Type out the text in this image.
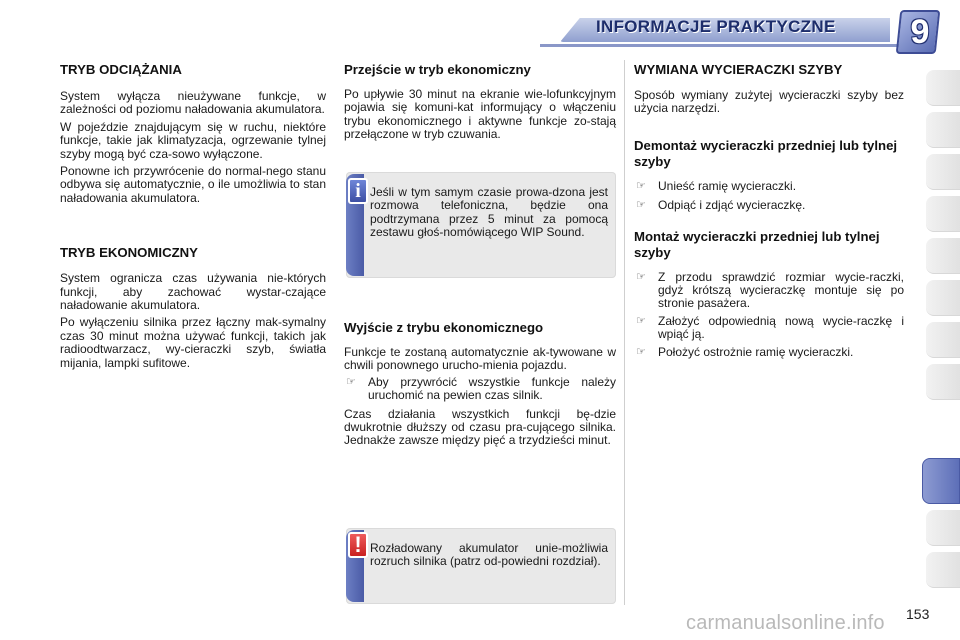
INFORMACJE PRAKTYCZNE 9
TRYB ODCIĄŻANIA

System wyłącza nieużywane funkcje, w zależności od poziomu naładowania akumulatora.

W pojeździe znajdującym się w ruchu, niektóre funkcje, takie jak klimatyzacja, ogrzewanie tylnej szyby mogą być cza-sowo wyłączone.

Ponowne ich przywrócenie do normal-nego stanu odbywa się automatycznie, o ile umożliwia to stan naładowania akumulatora.

TRYB EKONOMICZNY

System ogranicza czas używania nie-których funkcji, aby zachować wystar-czające naładowanie akumulatora.

Po wyłączeniu silnika przez łączny mak-symalny czas 30 minut można używać funkcji, takich jak radioodtwarzacz, wy-cieraczki szyb, światła mijania, lampki sufitowe.

Przejście w tryb ekonomiczny

Po upływie 30 minut na ekranie wie-lofunkcyjnym pojawia się komuni-kat informujący o włączeniu trybu ekonomicznego i aktywne funkcje zo-stają przełączone w tryb czuwania.

i Jeśli w tym samym czasie prowa-dzona jest rozmowa telefoniczna, będzie ona podtrzymana przez 5 minut za pomocą zestawu głoś-nomówiącego WIP Sound.
Wyjście z trybu ekonomicznego

Funkcje te zostaną automatycznie ak-tywowane w chwili ponownego urucho-mienia pojazdu.

☞ Aby przywrócić wszystkie funkcje należy uruchomić na pewien czas silnik.

Czas działania wszystkich funkcji bę-dzie dwukrotnie dłuższy od czasu pra-cującego silnika. Jednakże zawsze między pięć a trzydzieści minut.

! Rozładowany akumulator unie-możliwia rozruch silnika (patrz od-powiedni rozdział).
WYMIANA WYCIERACZKI SZYBY

Sposób wymiany zużytej wycieraczki szyby bez użycia narzędzi.

Demontaż wycieraczki przedniej lub tylnej szyby
☞ Unieść ramię wycieraczki.
☞ Odpiąć i zdjąć wycieraczkę.
Montaż wycieraczki przedniej lub tylnej szyby
☞ Z przodu sprawdzić rozmiar wycie-raczki, gdyż krótszą wycieraczkę montuje się po stronie pasażera.
☞ Założyć odpowiednią nową wycie-raczkę i wpiąć ją.
☞ Położyć ostrożnie ramię wycieraczki.
carmanualsonline.info 153
